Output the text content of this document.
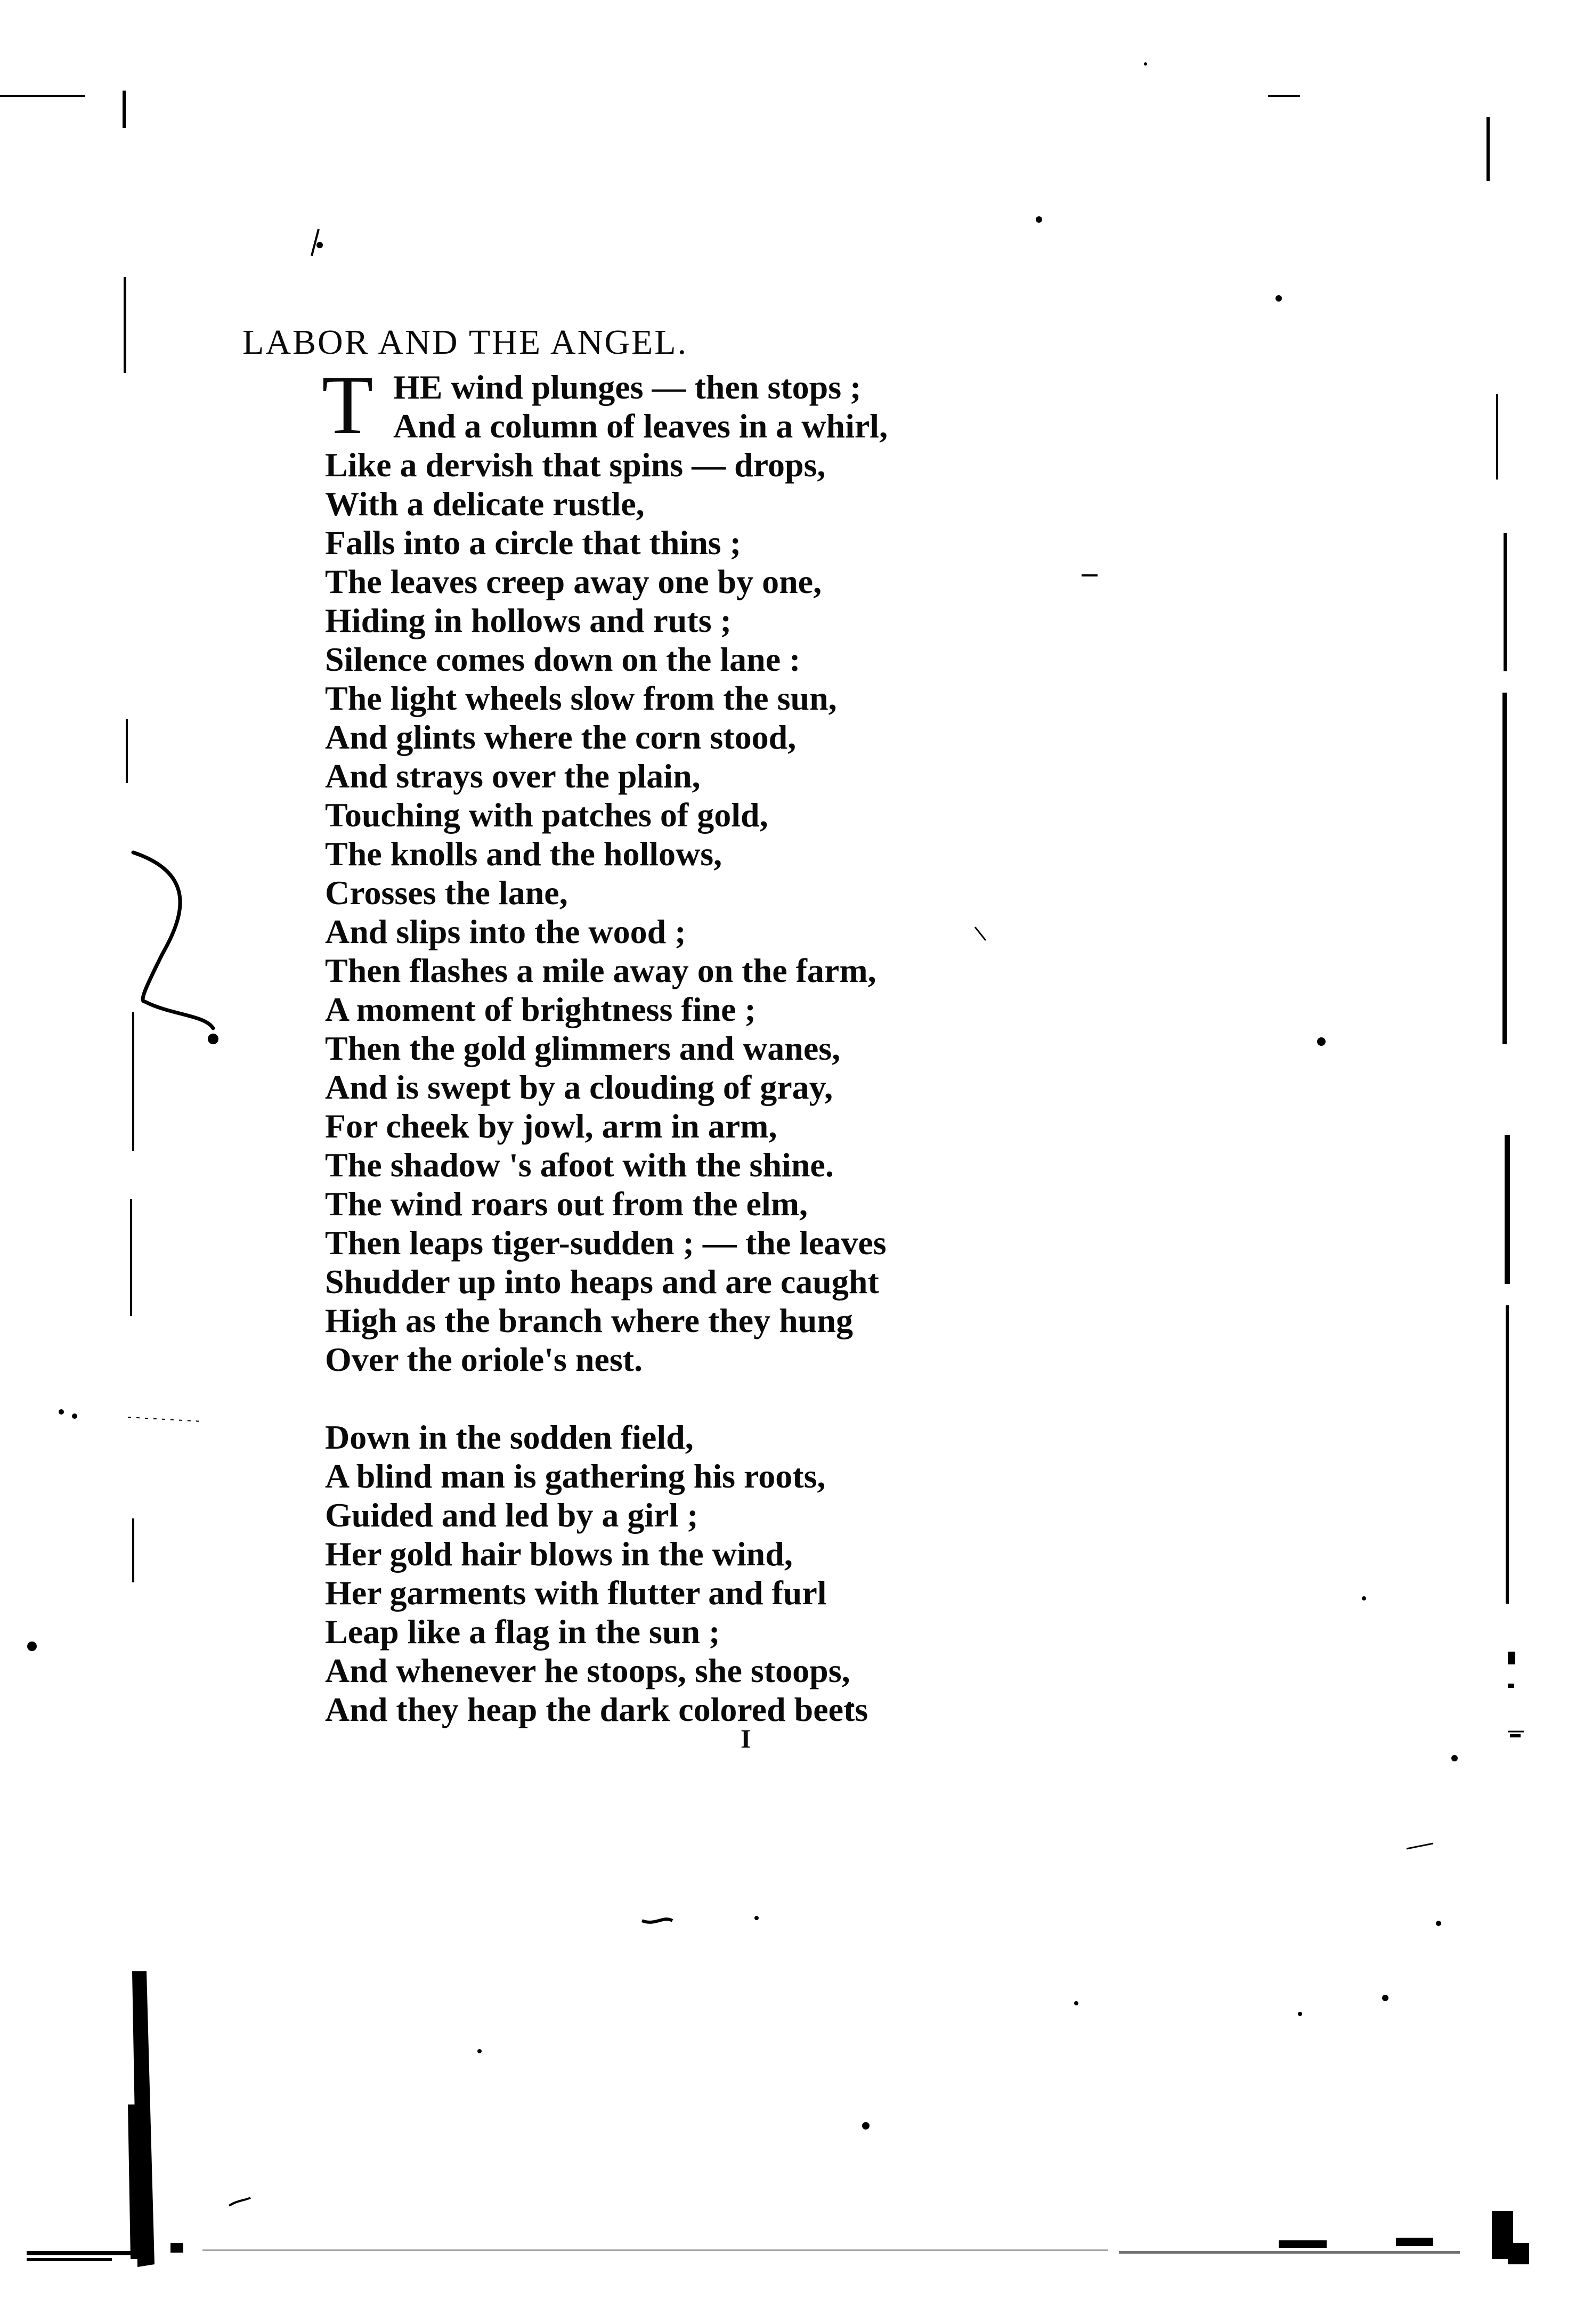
LABOR AND THE ANGEL.
T HE wind plunges — then stops ;
And a column of leaves in a whirl,
Like a dervish that spins — drops,
With a delicate rustle,
Falls into a circle that thins ;
The leaves creep away one by one,
Hiding in hollows and ruts ;
Silence comes down on the lane :
The light wheels slow from the sun,
And glints where the corn stood,
And strays over the plain,
Touching with patches of gold,
The knolls and the hollows,
Crosses the lane,
And slips into the wood ;
Then flashes a mile away on the farm,
A moment of brightness fine ;
Then the gold glimmers and wanes,
And is swept by a clouding of gray,
For cheek by jowl, arm in arm,
The shadow 's afoot with the shine.
The wind roars out from the elm,
Then leaps tiger-sudden ; — the leaves
Shudder up into heaps and are caught
High as the branch where they hung
Over the oriole's nest.
Down in the sodden field,
A blind man is gathering his roots,
Guided and led by a girl ;
Her gold hair blows in the wind,
Her garments with flutter and furl
Leap like a flag in the sun ;
And whenever he stoops, she stoops,
And they heap the dark colored beets
I
